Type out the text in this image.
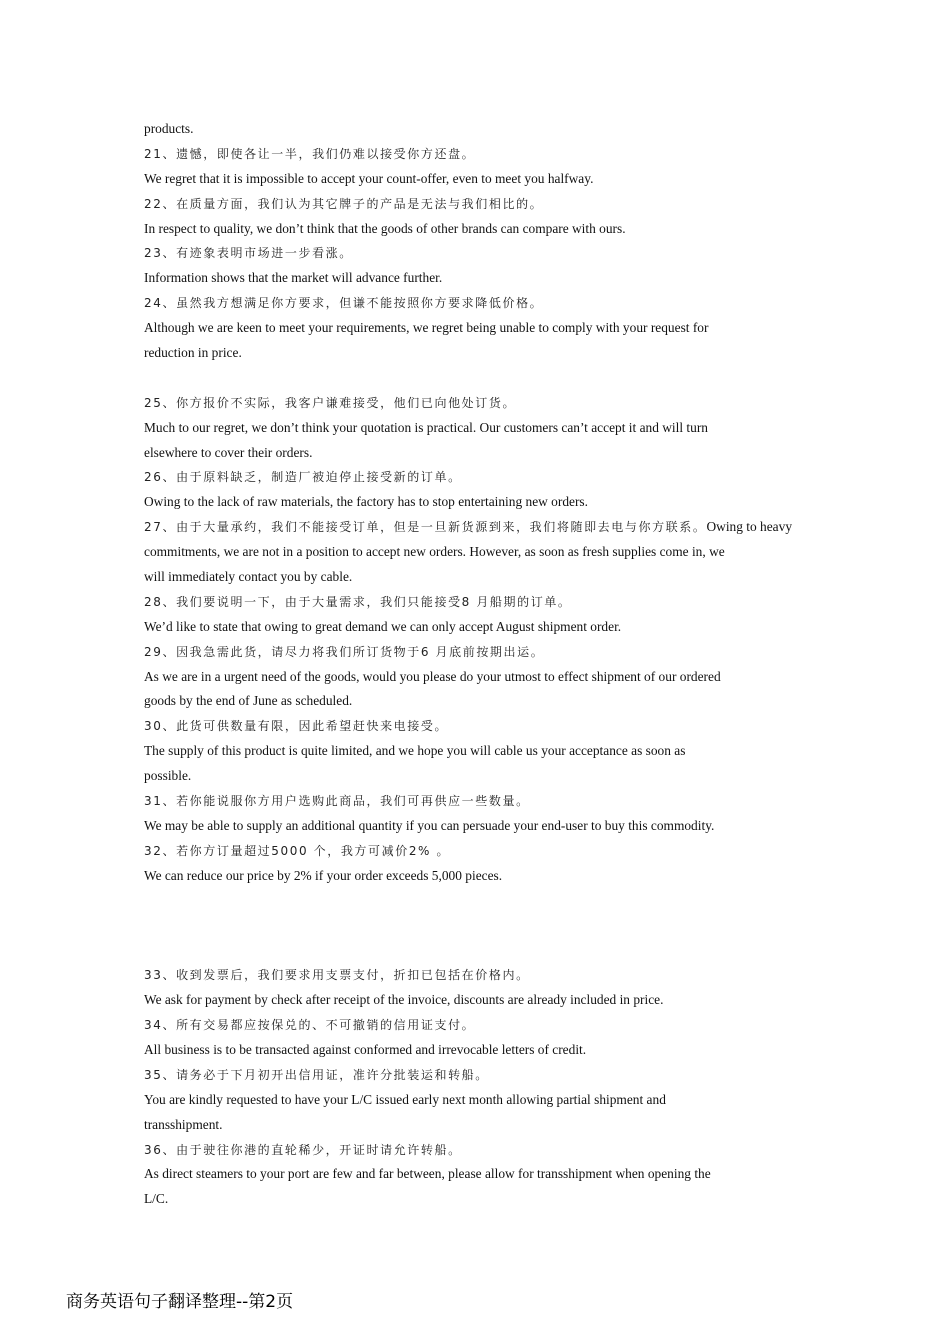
products.
21、遗憾，即使各让一半，我们仍难以接受你方还盘。
We regret that it is impossible to accept your count-offer, even to meet you halfway.
22、在质量方面，我们认为其它牌子的产品是无法与我们相比的。
In respect to quality, we don’t think that the goods of other brands can compare with ours.
23、有迹象表明市场进一步看涨。
Information shows that the market will advance further.
24、虽然我方想满足你方要求，但谦不能按照你方要求降低价格。
Although we are keen to meet your requirements, we regret being unable to comply with your request for
reduction in price.
25、你方报价不实际，我客户谦难接受，他们已向他处订货。
Much to our regret, we don’t think your quotation is practical. Our customers can’t accept it and will turn
elsewhere to cover their orders.
26、由于原料缺乏，制造厂被迫停止接受新的订单。
Owing to the lack of raw materials, the factory has to stop entertaining new orders.
27、由于大量承约，我们不能接受订单，但是一旦新货源到来，我们将随即去电与你方联系。Owing to heavy
commitments, we are not in a position to accept new orders. However, as soon as fresh supplies come in, we
will immediately contact you by cable.
28、我们要说明一下，由于大量需求，我们只能接受8 月船期的订单。
We’d like to state that owing to great demand we can only accept August shipment order.
29、因我急需此货，请尽力将我们所订货物于6 月底前按期出运。
As we are in a urgent need of the goods, would you please do your utmost to effect shipment of our ordered
goods by the end of June as scheduled.
30、此货可供数量有限，因此希望赶快来电接受。
The supply of this product is quite limited, and we hope you will cable us your acceptance as soon as
possible.
31、若你能说服你方用户选购此商品，我们可再供应一些数量。
We may be able to supply an additional quantity if you can persuade your end-user to buy this commodity.
32、若你方订量超过5000 个，我方可减价2% 。
We can reduce our price by 2% if your order exceeds 5,000 pieces.
33、收到发票后，我们要求用支票支付，折扣已包括在价格内。
We ask for payment by check after receipt of the invoice, discounts are already included in price.
34、所有交易都应按保兑的、不可撤销的信用证支付。
All business is to be transacted against conformed and irrevocable letters of credit.
35、请务必于下月初开出信用证，准许分批装运和转船。
You are kindly requested to have your L/C issued early next month allowing partial shipment and
transshipment.
36、由于驶往你港的直轮稀少，开证时请允许转船。
As direct steamers to your port are few and far between, please allow for transshipment when opening the
L/C.
商务英语句子翻译整理--第2页
